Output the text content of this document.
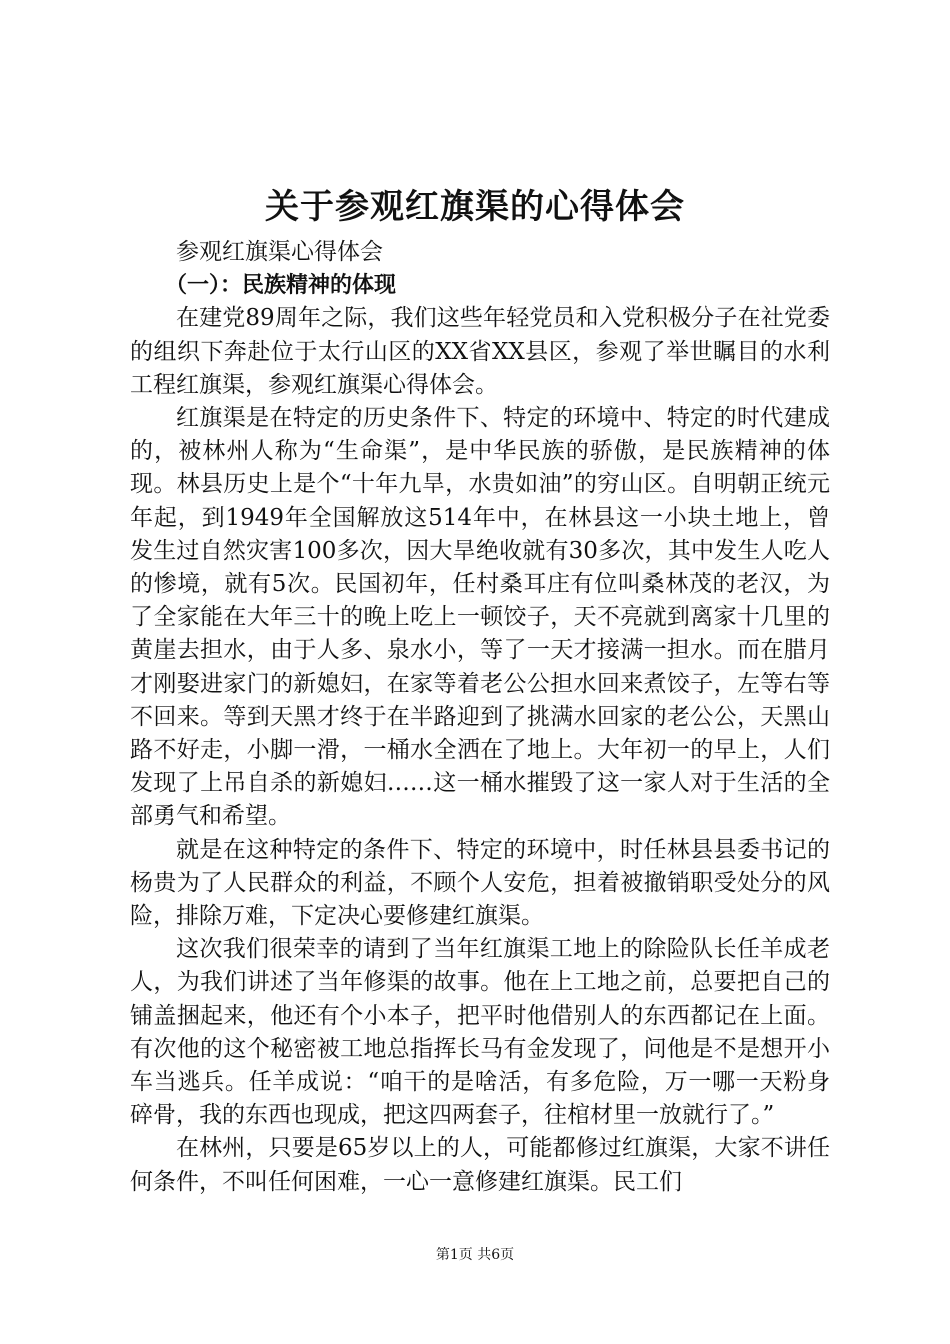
关于参观红旗渠的心得体会

参观红旗渠心得体会

（一）：民族精神的体现

在建党89周年之际，我们这些年轻党员和入党积极分子在社党委的组织下奔赴位于太行山区的XX省XX县区，参观了举世瞩目的水利工程红旗渠，参观红旗渠心得体会。

红旗渠是在特定的历史条件下、特定的环境中、特定的时代建成的，被林州人称为“生命渠”，是中华民族的骄傲，是民族精神的体现。林县历史上是个“十年九旱，水贵如油”的穷山区。自明朝正统元年起，到1949年全国解放这514年中，在林县这一小块土地上，曾发生过自然灾害100多次，因大旱绝收就有30多次，其中发生人吃人的惨境，就有5次。民国初年，任村桑耳庄有位叫桑林茂的老汉，为了全家能在大年三十的晚上吃上一顿饺子，天不亮就到离家十几里的黄崖去担水，由于人多、泉水小，等了一天才接满一担水。而在腊月才刚娶进家门的新媳妇，在家等着老公公担水回来煮饺子，左等右等不回来。等到天黑才终于在半路迎到了挑满水回家的老公公，天黑山路不好走，小脚一滑，一桶水全洒在了地上。大年初一的早上，人们发现了上吊自杀的新媳妇……这一桶水摧毁了这一家人对于生活的全部勇气和希望。

就是在这种特定的条件下、特定的环境中，时任林县县委书记的杨贵为了人民群众的利益，不顾个人安危，担着被撤销职受处分的风险，排除万难，下定决心要修建红旗渠。

这次我们很荣幸的请到了当年红旗渠工地上的除险队长任羊成老人，为我们讲述了当年修渠的故事。他在上工地之前，总要把自己的铺盖捆起来，他还有个小本子，把平时他借别人的东西都记在上面。有次他的这个秘密被工地总指挥长马有金发现了，问他是不是想开小车当逃兵。任羊成说：“咱干的是啥活，有多危险，万一哪一天粉身碎骨，我的东西也现成，把这四两套子，往棺材里一放就行了。”

在林州，只要是65岁以上的人，可能都修过红旗渠，大家不讲任何条件，不叫任何困难，一心一意修建红旗渠。民工们

第1页 共6页
